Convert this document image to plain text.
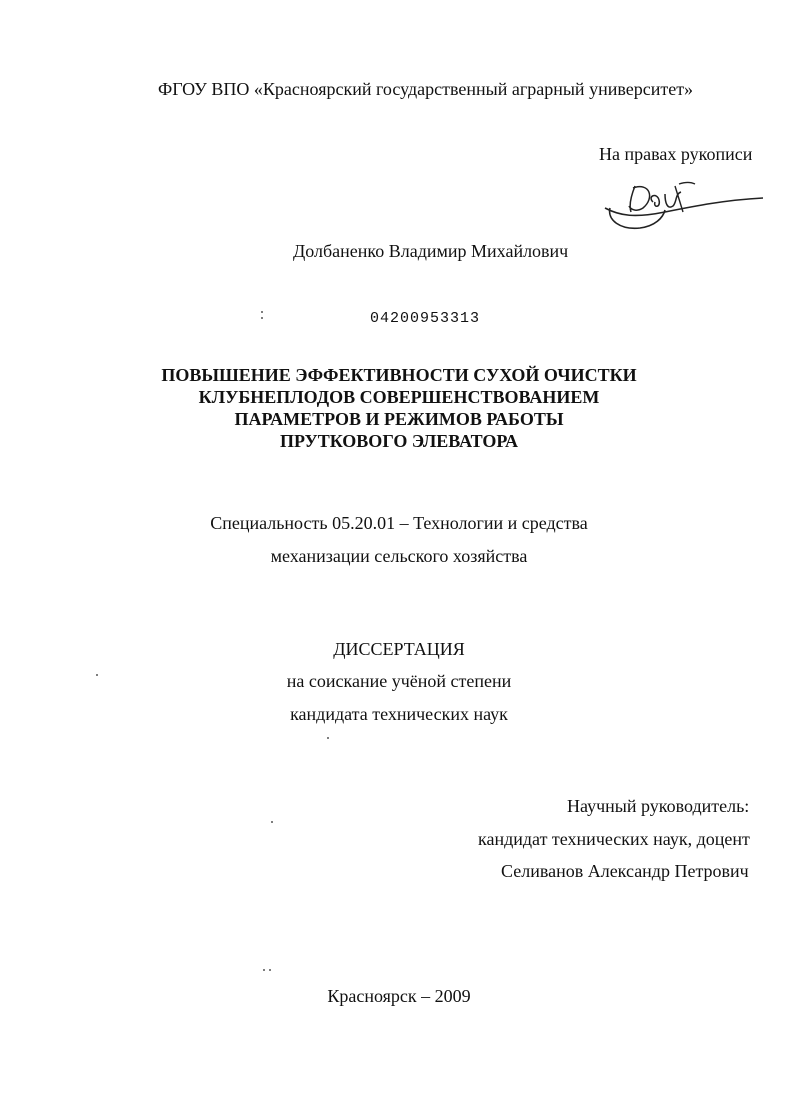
ФГОУ ВПО «Красноярский государственный аграрный университет»
На правах рукописи
Долбаненко Владимир Михайлович
04200953313
ПОВЫШЕНИЕ ЭФФЕКТИВНОСТИ СУХОЙ ОЧИСТКИ
КЛУБНЕПЛОДОВ СОВЕРШЕНСТВОВАНИЕМ
ПАРАМЕТРОВ И РЕЖИМОВ РАБОТЫ
ПРУТКОВОГО ЭЛЕВАТОРА
Специальность 05.20.01 – Технологии и средства
механизации сельского хозяйства
ДИССЕРТАЦИЯ
на соискание учёной степени
кандидата технических наук
Научный руководитель:
кандидат технических наук, доцент
Селиванов Александр Петрович
Красноярск – 2009
